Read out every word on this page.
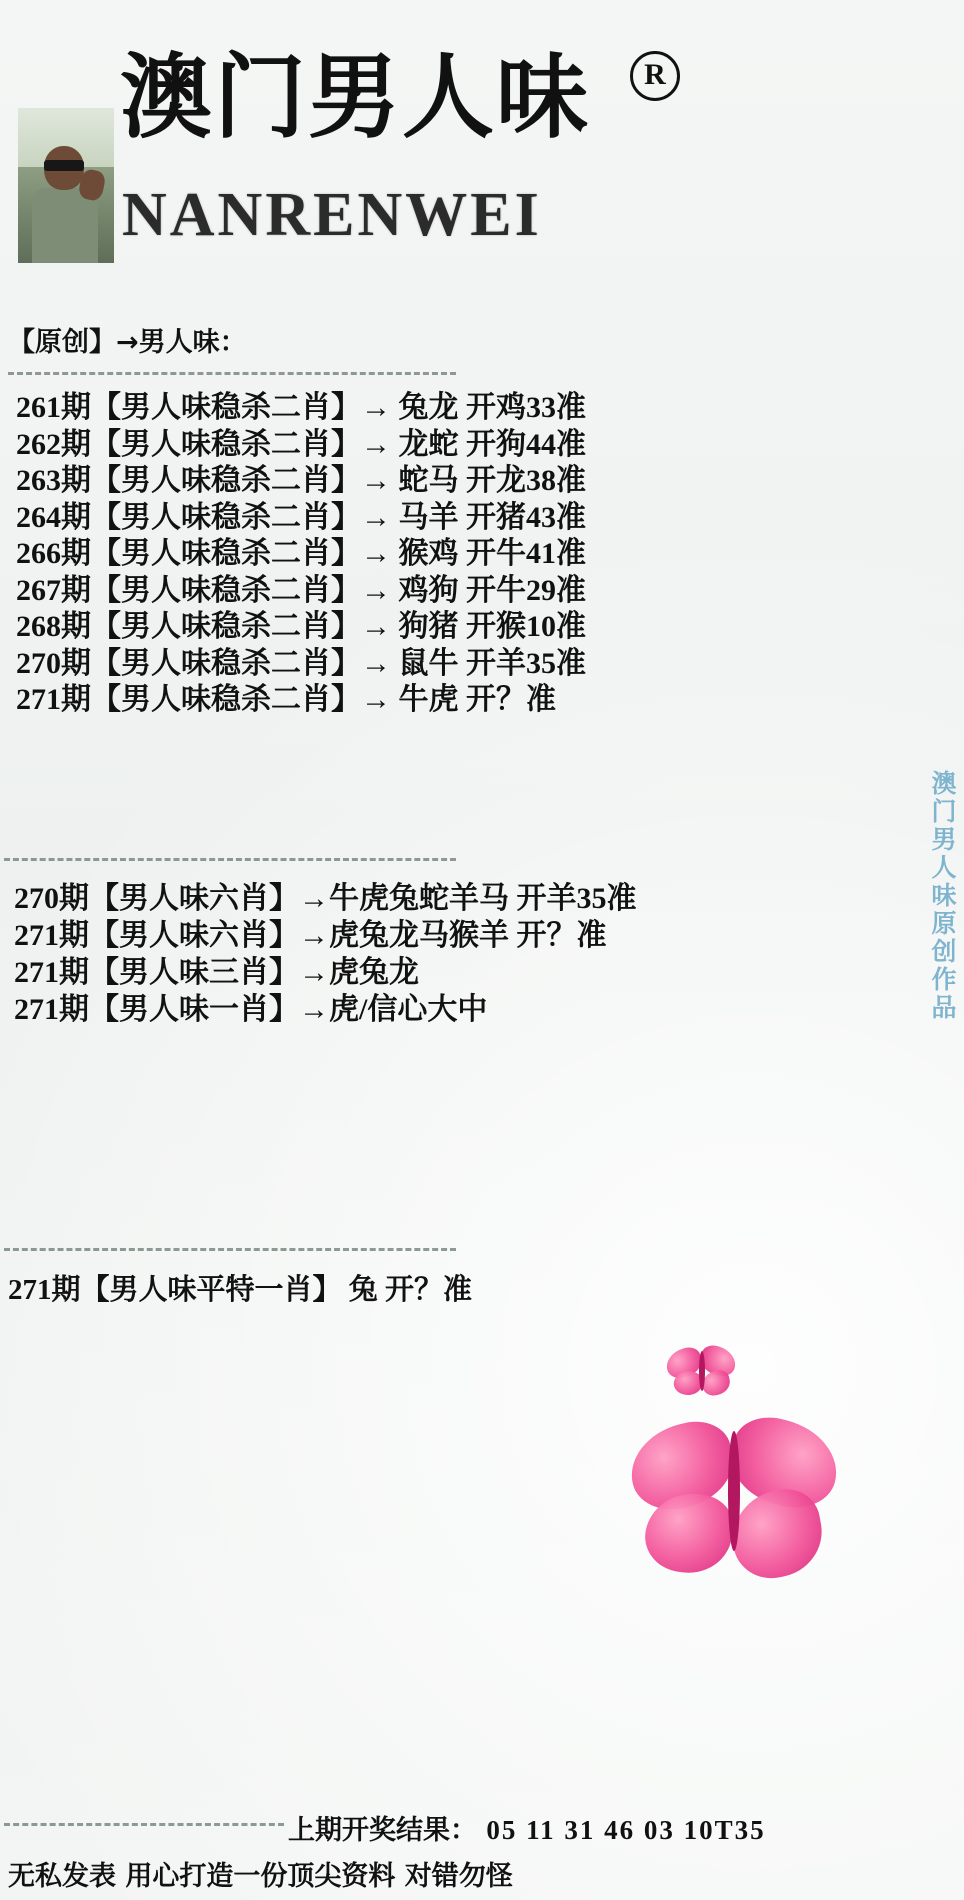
澳门男人味	R
NANRENWEI
【原创】→男人味：
261期【男人味稳杀二肖】→ 兔龙 开鸡33准
262期【男人味稳杀二肖】→ 龙蛇 开狗44准
263期【男人味稳杀二肖】→ 蛇马 开龙38准
264期【男人味稳杀二肖】→ 马羊 开猪43准
266期【男人味稳杀二肖】→ 猴鸡 开牛41准
267期【男人味稳杀二肖】→ 鸡狗 开牛29准
268期【男人味稳杀二肖】→ 狗猪 开猴10准
270期【男人味稳杀二肖】→ 鼠牛 开羊35准
271期【男人味稳杀二肖】→ 牛虎 开？准
270期【男人味六肖】→牛虎兔蛇羊马 开羊35准
271期【男人味六肖】→虎兔龙马猴羊 开？准
271期【男人味三肖】→虎兔龙
271期【男人味一肖】→虎/信心大中
271期【男人味平特一肖】 兔 开？准
澳门男人味原创作品
上期开奖结果： 05 11 31 46 03 10T35
无私发表 用心打造一份顶尖资料 对错勿怪
